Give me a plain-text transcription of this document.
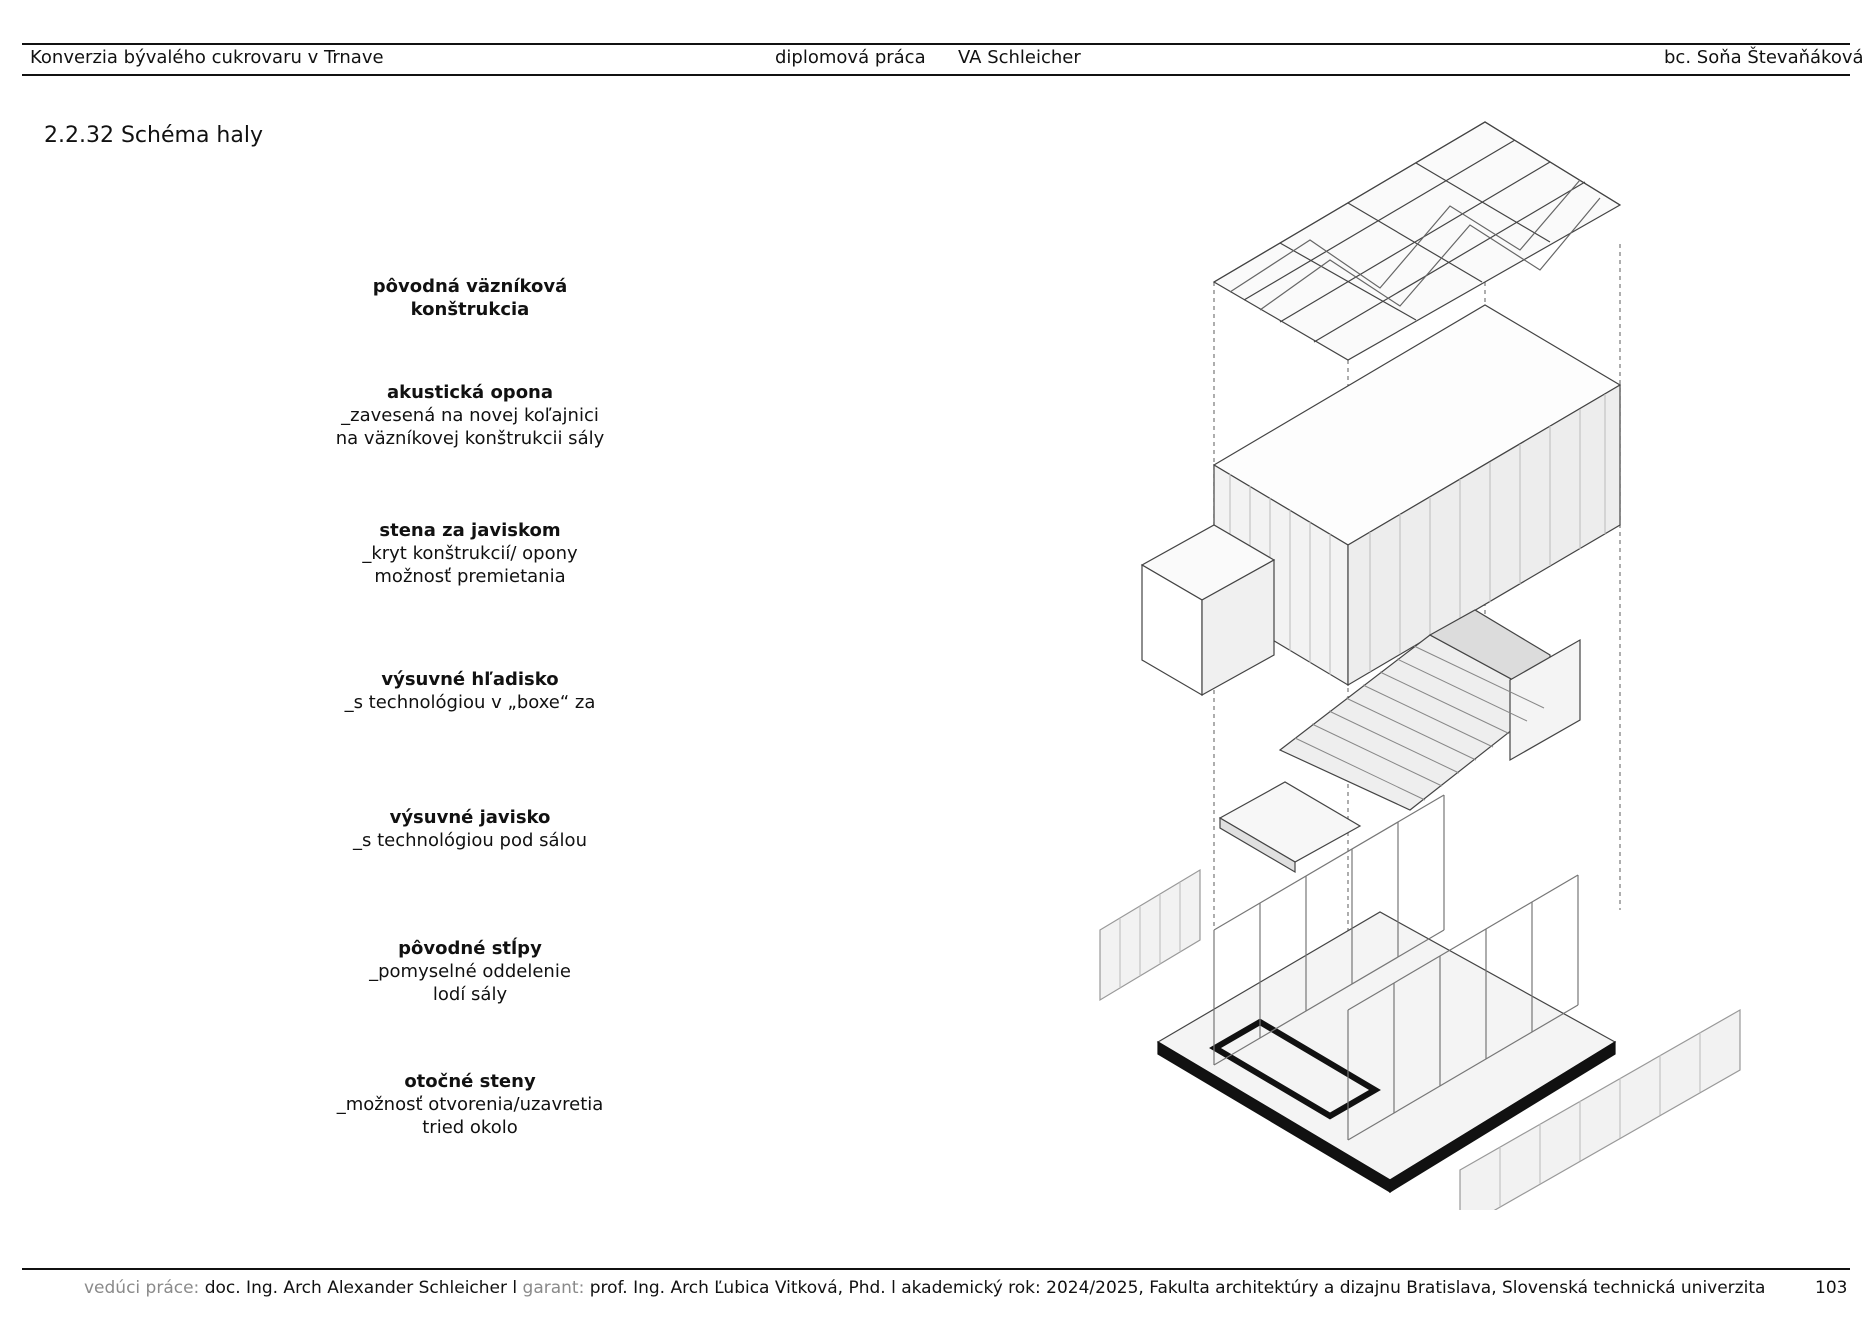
Konverzia bývalého cukrovaru v Trnave	diplomová práca VA Schleicher	bc. Soňa Števaňáková
2.2.32 Schéma haly
pôvodná väzníková konštrukcia
akustická opona
_zavesená na novej koľajnici
na väzníkovej konštrukcii sály
stena za javiskom
_kryt konštrukcií/ opony
možnosť premietania
výsuvné hľadisko
_s technológiou v „boxe“ za
výsuvné javisko
_s technológiou pod sálou
pôvodné stĺpy
_pomyselné oddelenie
lodí sály
otočné steny
_možnosť otvorenia/uzavretia
tried okolo
vedúci práce: doc. Ing. Arch Alexander Schleicher l garant: prof. Ing. Arch Ľubica Vitková, Phd. l akademický rok: 2024/2025, Fakulta architektúry a dizajnu Bratislava, Slovenská technická univerzita	103
